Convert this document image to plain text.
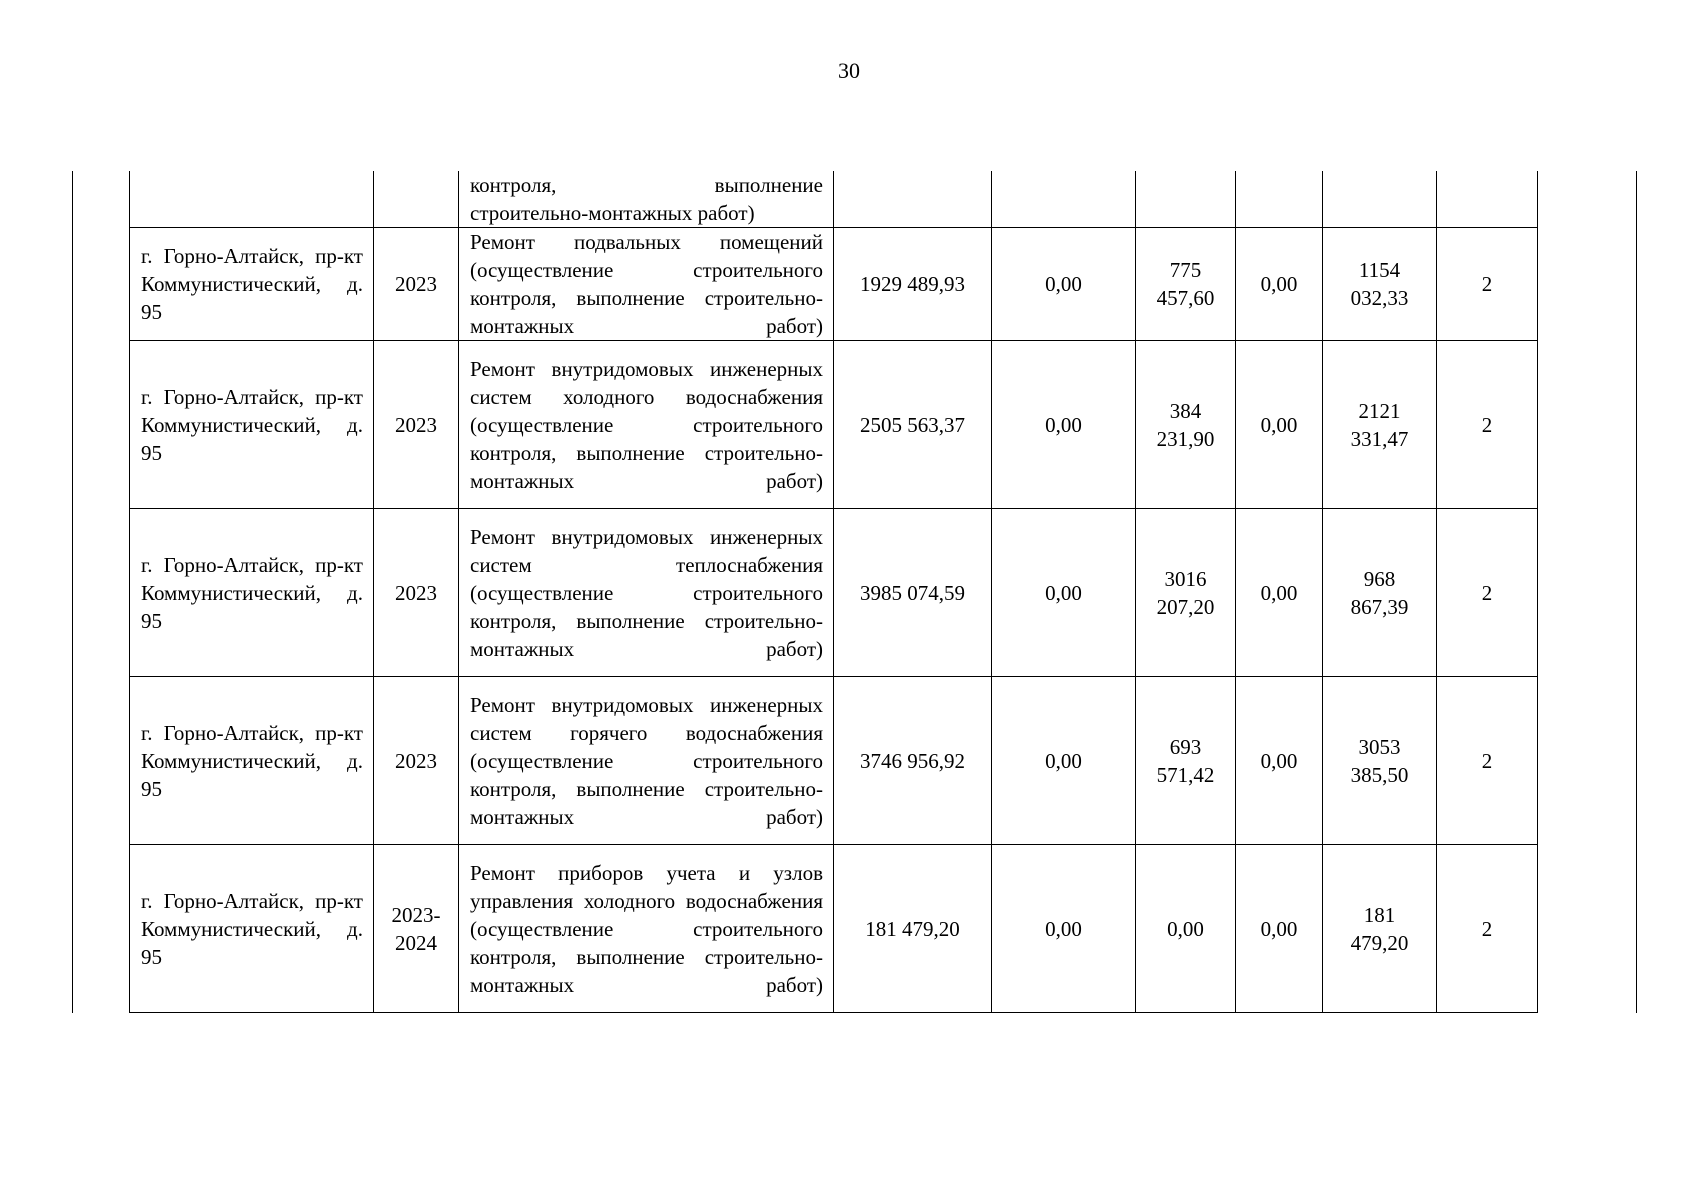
30

			контроля, выполнение
строительно-монтажных работ)							

	г. Горно-Алтайск, пр-кт Коммунистический, д. 95	2023	Ремонт подвальных помещений (осуществление строительного контроля, выполнение строительно-монтажных работ)	1929 489,93	0,00	775 457,60	0,00	1154 032,33	2	
	г. Горно-Алтайск, пр-кт Коммунистический, д. 95	2023	Ремонт внутридомовых инженерных систем холодного водоснабжения (осуществление строительного контроля, выполнение строительно-монтажных работ)	2505 563,37	0,00	384 231,90	0,00	2121 331,47	2	
	г. Горно-Алтайск, пр-кт Коммунистический, д. 95	2023	Ремонт внутридомовых инженерных систем теплоснабжения (осуществление строительного контроля, выполнение строительно-монтажных работ)	3985 074,59	0,00	3016 207,20	0,00	968 867,39	2	
	г. Горно-Алтайск, пр-кт Коммунистический, д. 95	2023	Ремонт внутридомовых инженерных систем горячего водоснабжения (осуществление строительного контроля, выполнение строительно-монтажных работ)	3746 956,92	0,00	693 571,42	0,00	3053 385,50	2	
	г. Горно-Алтайск, пр-кт Коммунистический, д. 95	2023-2024	Ремонт приборов учета и узлов управления холодного водоснабжения (осуществление строительного контроля, выполнение строительно-монтажных работ)	181 479,20	0,00	0,00	0,00	181 479,20	2	
